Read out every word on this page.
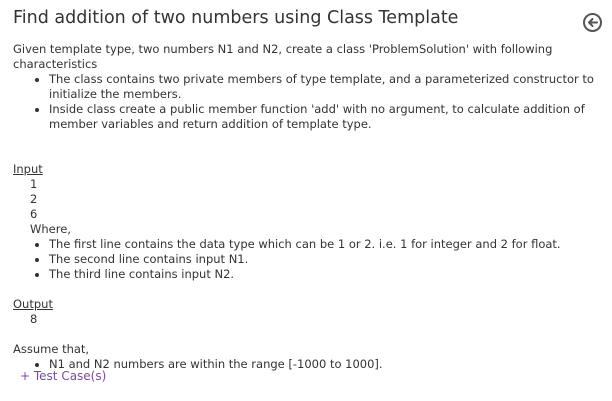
Find addition of two numbers using Class Template

Given template type, two numbers N1 and N2, create a class 'ProblemSolution' with following characteristics

• The class contains two private members of type template, and a parameterized constructor to initialize the members.
• Inside class create a public member function 'add' with no argument, to calculate addition of member variables and return addition of template type.
Input
1
2
6
Where,
• The first line contains the data type which can be 1 or 2. i.e. 1 for integer and 2 for float.
• The second line contains input N1.
• The third line contains input N2.
Output
8

Assume that,

• N1 and N2 numbers are within the range [-1000 to 1000].
+ Test Case(s)
